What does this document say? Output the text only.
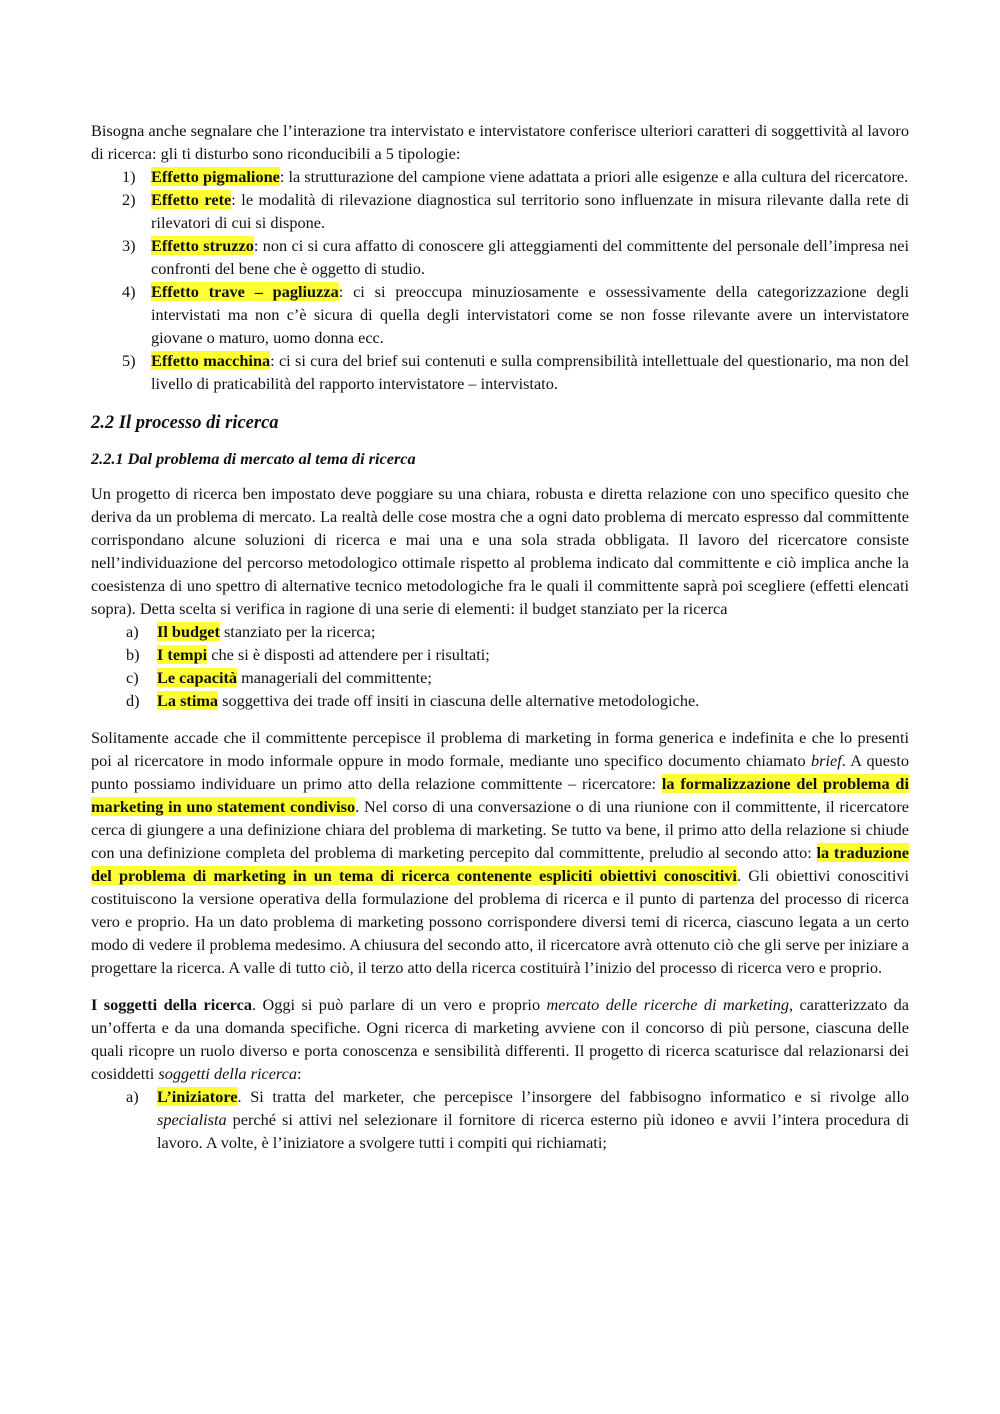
Bisogna anche segnalare che l’interazione tra intervistato e intervistatore conferisce ulteriori caratteri di soggettività al lavoro di ricerca: gli ti disturbo sono riconducibili a 5 tipologie:

1) Effetto pigmalione: la strutturazione del campione viene adattata a priori alle esigenze e alla cultura del ricercatore.
2) Effetto rete: le modalità di rilevazione diagnostica sul territorio sono influenzate in misura rilevante dalla rete di rilevatori di cui si dispone.
3) Effetto struzzo: non ci si cura affatto di conoscere gli atteggiamenti del committente del personale dell’impresa nei confronti del bene che è oggetto di studio.
4) Effetto trave – pagliuzza: ci si preoccupa minuziosamente e ossessivamente della categorizzazione degli intervistati ma non c’è sicura di quella degli intervistatori come se non fosse rilevante avere un intervistatore giovane o maturo, uomo donna ecc.
5) Effetto macchina: ci si cura del brief sui contenuti e sulla comprensibilità intellettuale del questionario, ma non del livello di praticabilità del rapporto intervistatore – intervistato.
2.2 Il processo di ricerca
2.2.1 Dal problema di mercato al tema di ricerca

Un progetto di ricerca ben impostato deve poggiare su una chiara, robusta e diretta relazione con uno specifico quesito che deriva da un problema di mercato. La realtà delle cose mostra che a ogni dato problema di mercato espresso dal committente corrispondano alcune soluzioni di ricerca e mai una e una sola strada obbligata. Il lavoro del ricercatore consiste nell’individuazione del percorso metodologico ottimale rispetto al problema indicato dal committente e ciò implica anche la coesistenza di uno spettro di alternative tecnico metodologiche fra le quali il committente saprà poi scegliere (effetti elencati sopra). Detta scelta si verifica in ragione di una serie di elementi: il budget stanziato per la ricerca

a) Il budget stanziato per la ricerca;
b) I tempi che si è disposti ad attendere per i risultati;
c) Le capacità manageriali del committente;
d) La stima soggettiva dei trade off insiti in ciascuna delle alternative metodologiche.

Solitamente accade che il committente percepisce il problema di marketing in forma generica e indefinita e che lo presenti poi al ricercatore in modo informale oppure in modo formale, mediante uno specifico documento chiamato brief. A questo punto possiamo individuare un primo atto della relazione committente – ricercatore: la formalizzazione del problema di marketing in uno statement condiviso. Nel corso di una conversazione o di una riunione con il committente, il ricercatore cerca di giungere a una definizione chiara del problema di marketing. Se tutto va bene, il primo atto della relazione si chiude con una definizione completa del problema di marketing percepito dal committente, preludio al secondo atto: la traduzione del problema di marketing in un tema di ricerca contenente espliciti obiettivi conoscitivi. Gli obiettivi conoscitivi costituiscono la versione operativa della formulazione del problema di ricerca e il punto di partenza del processo di ricerca vero e proprio. Ha un dato problema di marketing possono corrispondere diversi temi di ricerca, ciascuno legata a un certo modo di vedere il problema medesimo. A chiusura del secondo atto, il ricercatore avrà ottenuto ciò che gli serve per iniziare a progettare la ricerca. A valle di tutto ciò, il terzo atto della ricerca costituirà l’inizio del processo di ricerca vero e proprio.

I soggetti della ricerca. Oggi si può parlare di un vero e proprio mercato delle ricerche di marketing, caratterizzato da un’offerta e da una domanda specifiche. Ogni ricerca di marketing avviene con il concorso di più persone, ciascuna delle quali ricopre un ruolo diverso e porta conoscenza e sensibilità differenti. Il progetto di ricerca scaturisce dal relazionarsi dei cosiddetti soggetti della ricerca:

a) L’iniziatore. Si tratta del marketer, che percepisce l’insorgere del fabbisogno informatico e si rivolge allo specialista perché si attivi nel selezionare il fornitore di ricerca esterno più idoneo e avvii l’intera procedura di lavoro. A volte, è l’iniziatore a svolgere tutti i compiti qui richiamati;
